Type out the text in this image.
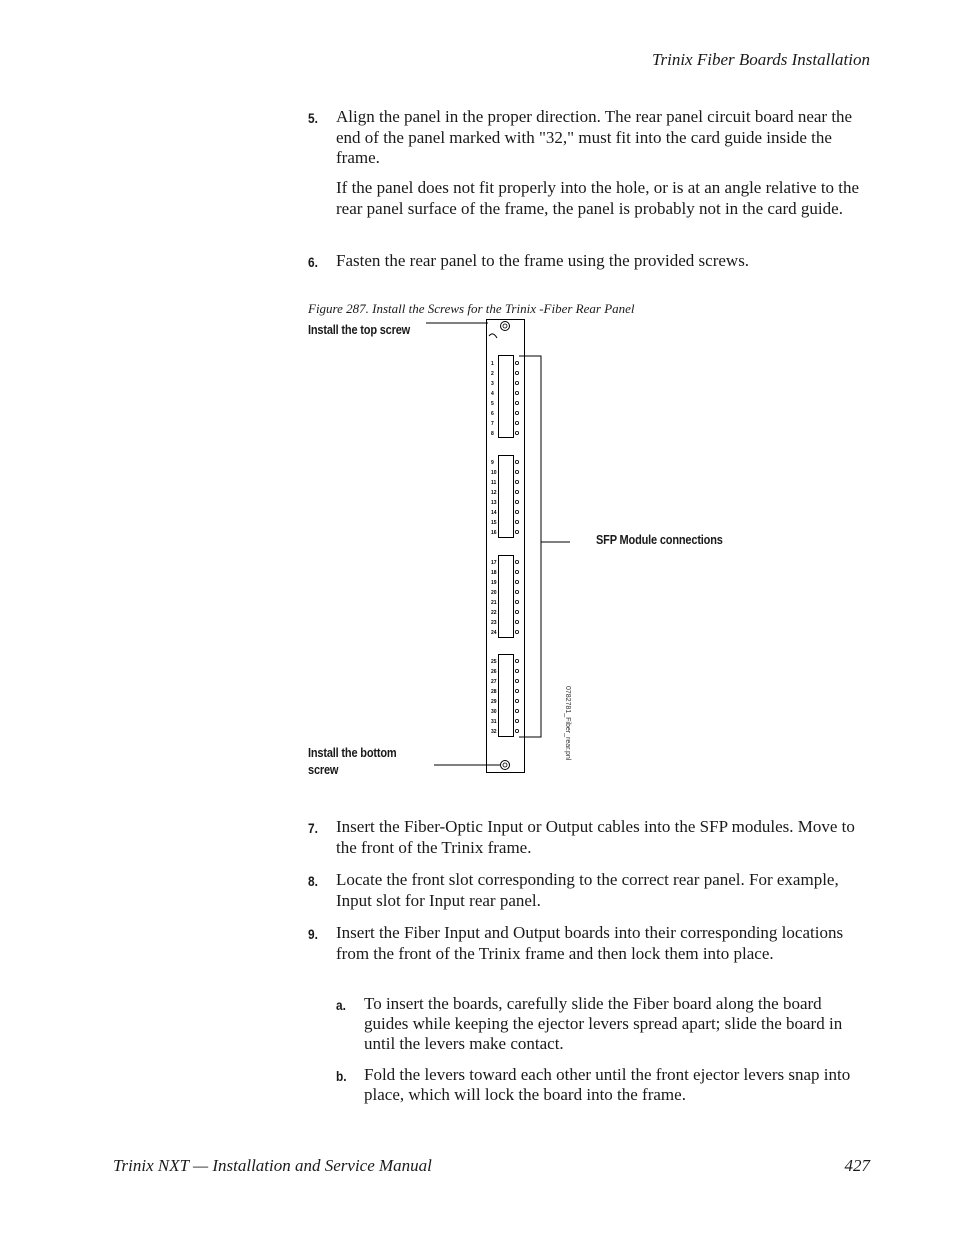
Trinix Fiber Boards Installation
5. Align the panel in the proper direction. The rear panel circuit board near the end of the panel marked with "32," must fit into the card guide inside the frame.
If the panel does not fit properly into the hole, or is at an angle relative to the rear panel surface of the frame, the panel is probably not in the card guide.
6. Fasten the rear panel to the frame using the provided screws.
Figure 287. Install the Screws for the Trinix -Fiber Rear Panel
1
2
3
4
5
6
7
8
9
10
11
12
13
14
15
16
17
18
19
20
21
22
23
24
25
26
27
28
29
30
31
32	0782781_Fiber_rear.pnl
Install the top screw
Install the bottom
screw
SFP Module connections
7. Insert the Fiber-Optic Input or Output cables into the SFP modules. Move to the front of the Trinix frame.
8. Locate the front slot corresponding to the correct rear panel. For example, Input slot for Input rear panel.
9. Insert the Fiber Input and Output boards into their corresponding locations from the front of the Trinix frame and then lock them into place.
a. To insert the boards, carefully slide the Fiber board along the board guides while keeping the ejector levers spread apart; slide the board in until the levers make contact.
b. Fold the levers toward each other until the front ejector levers snap into place, which will lock the board into the frame.
Trinix NXT — Installation and Service Manual	427
